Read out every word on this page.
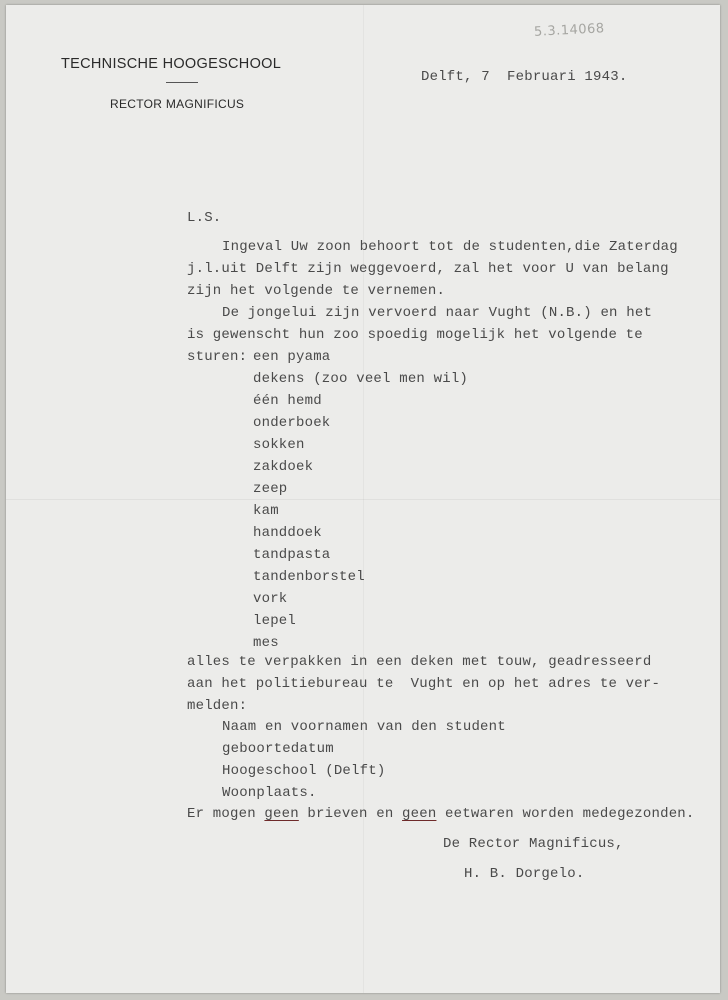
5.3.14068
TECHNISCHE HOOGESCHOOL
RECTOR MAGNIFICUS
Delft, 7  Februari 1943.
L.S.
Ingeval Uw zoon behoort tot de studenten,die Zaterdag
j.l.uit Delft zijn weggevoerd, zal het voor U van belang
zijn het volgende te vernemen.
De jongelui zijn vervoerd naar Vught (N.B.) en het
is gewenscht hun zoo spoedig mogelijk het volgende te
sturen: een pyama
dekens (zoo veel men wil)
één hemd
onderboek
sokken
zakdoek
zeep
kam
handdoek
tandpasta
tandenborstel
vork
lepel
mes
alles te verpakken in een deken met touw, geadresseerd
aan het politiebureau te  Vught en op het adres te ver-
melden:
Naam en voornamen van den student
geboortedatum
Hoogeschool (Delft)
Woonplaats.
Er mogen geen brieven en geen eetwaren worden medegezonden.
De Rector Magnificus,
H. B. Dorgelo.
